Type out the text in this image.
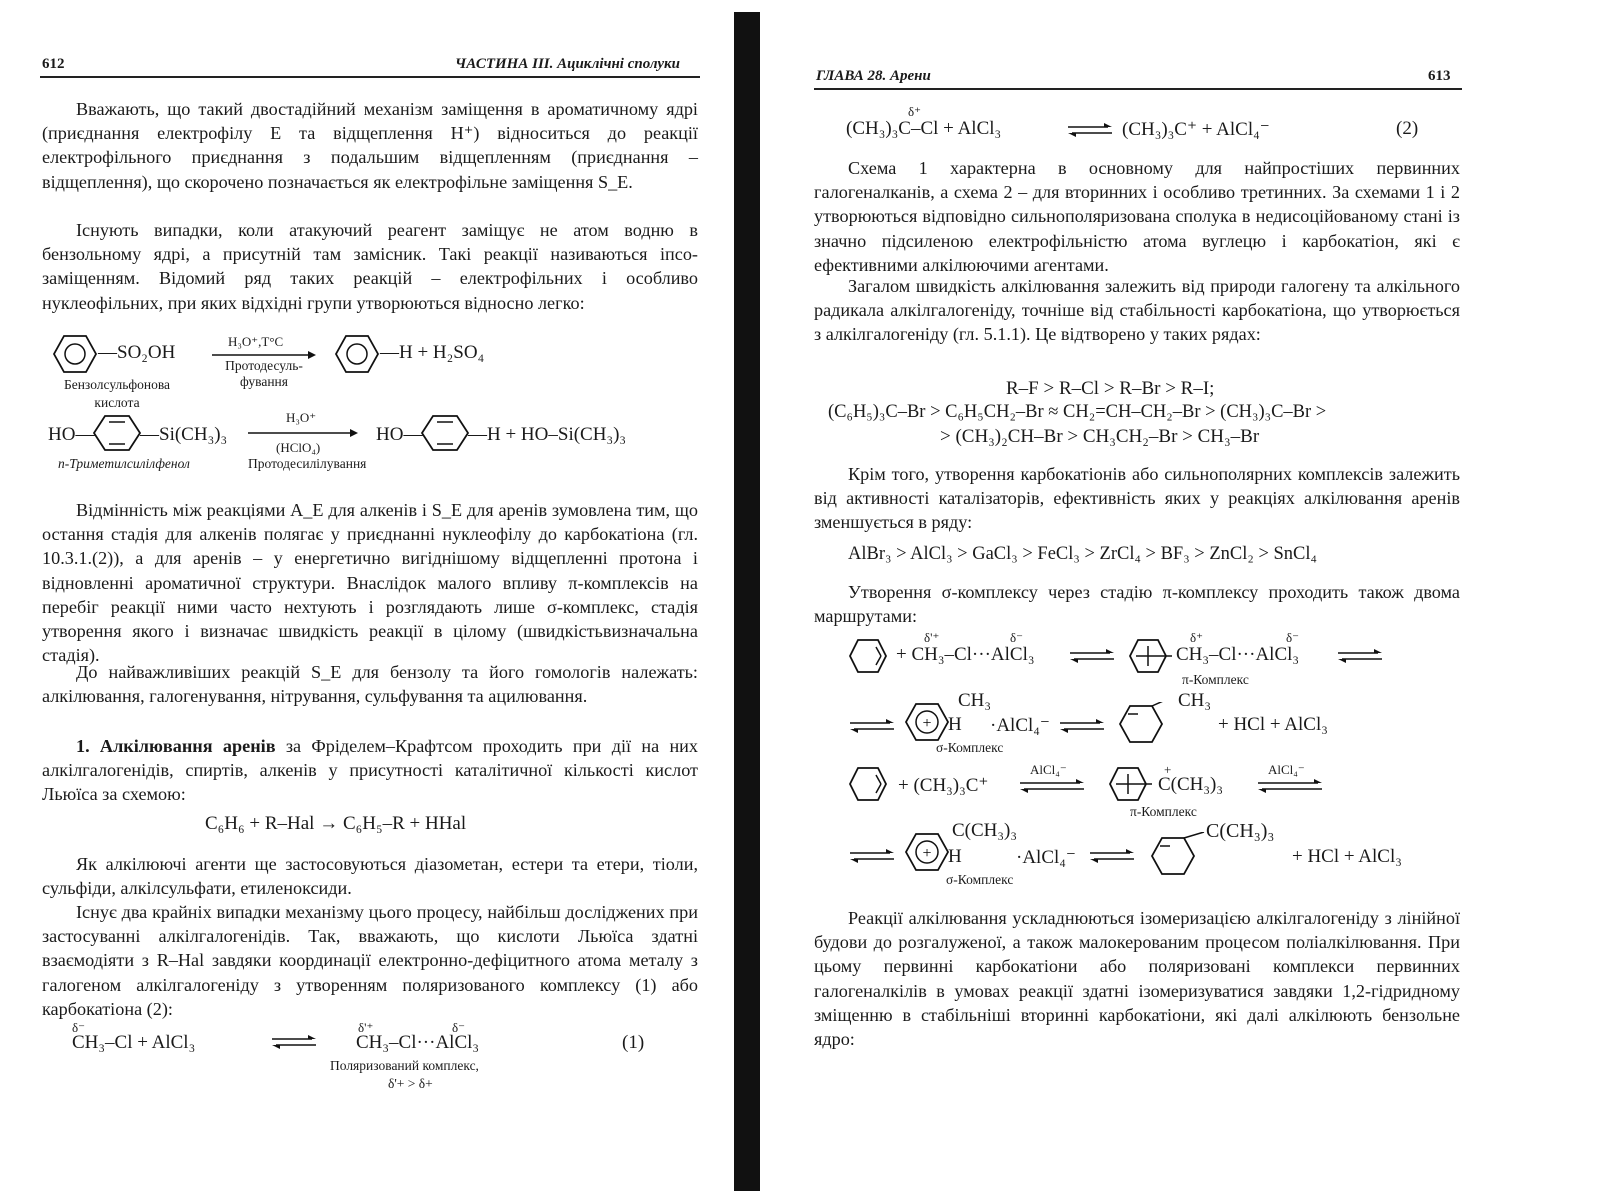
612	ЧАСТИНА III. Ациклічні сполуки
Вважають, що такий двостадійний механізм заміщення в ароматичному ядрі (приєднання електрофілу E та відщеплення H⁺) відноситься до реакції електрофільного приєднання з подальшим відщепленням (приєднання – відщеплення), що скорочено позначається як електрофільне заміщення S_E.
Існують випадки, коли атакуючий реагент заміщує не атом водню в бензольному ядрі, а присутній там замісник. Такі реакції називаються іпсо-заміщенням. Відомий ряд таких реакцій – електрофільних і особливо нуклеофільних, при яких відхідні групи утворюються відносно легко:
—SO₂OH
H₃O⁺,T°C
Протодесуль-фування
—H + H₂SO₄
Бензолсульфонова кислота
HO— —Si(CH₃)₃
H₃O⁺
(HClO₄)
Протодесилілування
HO— —H + HO–Si(CH₃)₃
п-Триметилсилілфенол
Відмінність між реакціями A_E для алкенів і S_E для аренів зумовлена тим, що остання стадія для алкенів полягає у приєднанні нуклеофілу до карбокатіона (гл. 10.3.1.(2)), а для аренів – у енергетично вигіднішому відщепленні протона і відновленні ароматичної структури. Внаслідок малого впливу π-комплексів на перебіг реакції ними часто нехтують і розглядають лише σ-комплекс, стадія утворення якого і визначає швидкість реакції в цілому (швидкістьвизначальна стадія).
До найважливіших реакцій S_E для бензолу та його гомологів належать: алкілювання, галогенування, нітрування, сульфування та ацилювання.
1. Алкілювання аренів за Фріделем–Крафтсом проходить при дії на них алкілгалогенідів, спиртів, алкенів у присутності каталітичної кількості кислот Льюїса за схемою:
C₆H₆ + R–Hal → C₆H₅–R + HHal
Як алкілюючі агенти ще застосовуються діазометан, естери та етери, тіоли, сульфіди, алкілсульфати, етиленоксиди.
Існує два крайніх випадки механізму цього процесу, найбільш досліджених при застосуванні алкілгалогенідів. Так, вважають, що кислоти Льюїса здатні взаємодіяти з R–Hal завдяки координації електронно-дефіцитного атома металу з галогеном алкілгалогеніду з утворенням поляризованого комплексу (1) або карбокатіона (2):
δ⁻
CH₃–Cl + AlCl₃
δ'⁺	δ⁻
CH₃–Cl···AlCl₃	(1)
Поляризований комплекс,
δ'+ > δ+
ГЛАВА 28. Арени	613
δ⁺
(CH₃)₃C–Cl + AlCl₃	⇌ (CH₃)₃C⁺ + AlCl₄⁻	(2)
Схема 1 характерна в основному для найпростіших первинних галогеналканів, а схема 2 – для вторинних і особливо третинних. За схемами 1 і 2 утворюються відповідно сильнополяризована сполука в недисоційованому стані із значно підсиленою електрофільністю атома вуглецю і карбокатіон, які є ефективними алкілюючими агентами.
Загалом швидкість алкілювання залежить від природи галогену та алкільного радикала алкілгалогеніду, точніше від стабільності карбокатіона, що утворюється з алкілгалогеніду (гл. 5.1.1). Це відтворено у таких рядах:
R–F > R–Cl > R–Br > R–I;
(C₆H₅)₃C–Br > C₆H₅CH₂–Br ≈ CH₂=CH–CH₂–Br > (CH₃)₃C–Br >
> (CH₃)₂CH–Br > CH₃CH₂–Br > CH₃–Br
Крім того, утворення карбокатіонів або сильнополярних комплексів залежить від активності каталізаторів, ефективність яких у реакціях алкілювання аренів зменшується в ряду:
AlBr₃ > AlCl₃ > GaCl₃ > FeCl₃ > ZrCl₄ > BF₃ > ZnCl₂ > SnCl₄
Утворення σ-комплексу через стадію π-комплексу проходить також двома маршрутами:
δ'⁺	δ⁻
+ CH₃–Cl···AlCl₃
δ⁺	δ⁻
CH₃–Cl···AlCl₃
π-Комплекс
+
CH₃
H ·AlCl₄⁻ ⇌
CH₃
+ HCl + AlCl₃
σ-Комплекс
+ (CH₃)₃C⁺
AlCl₄⁻	+
C(CH₃)₃
AlCl₄⁻
π-Комплекс
+
C(CH₃)₃
H	·AlCl₄⁻ ⇌
C(CH₃)₃
+ HCl + AlCl₃
σ-Комплекс
Реакції алкілювання ускладнюються ізомеризацією алкілгалогеніду з лінійної будови до розгалуженої, а також малокерованим процесом поліалкілювання. При цьому первинні карбокатіони або поляризовані комплекси первинних галогеналкілів в умовах реакції здатні ізомеризуватися завдяки 1,2-гідридному зміщенню в стабільніші вторинні карбокатіони, які далі алкілюють бензольне ядро:
